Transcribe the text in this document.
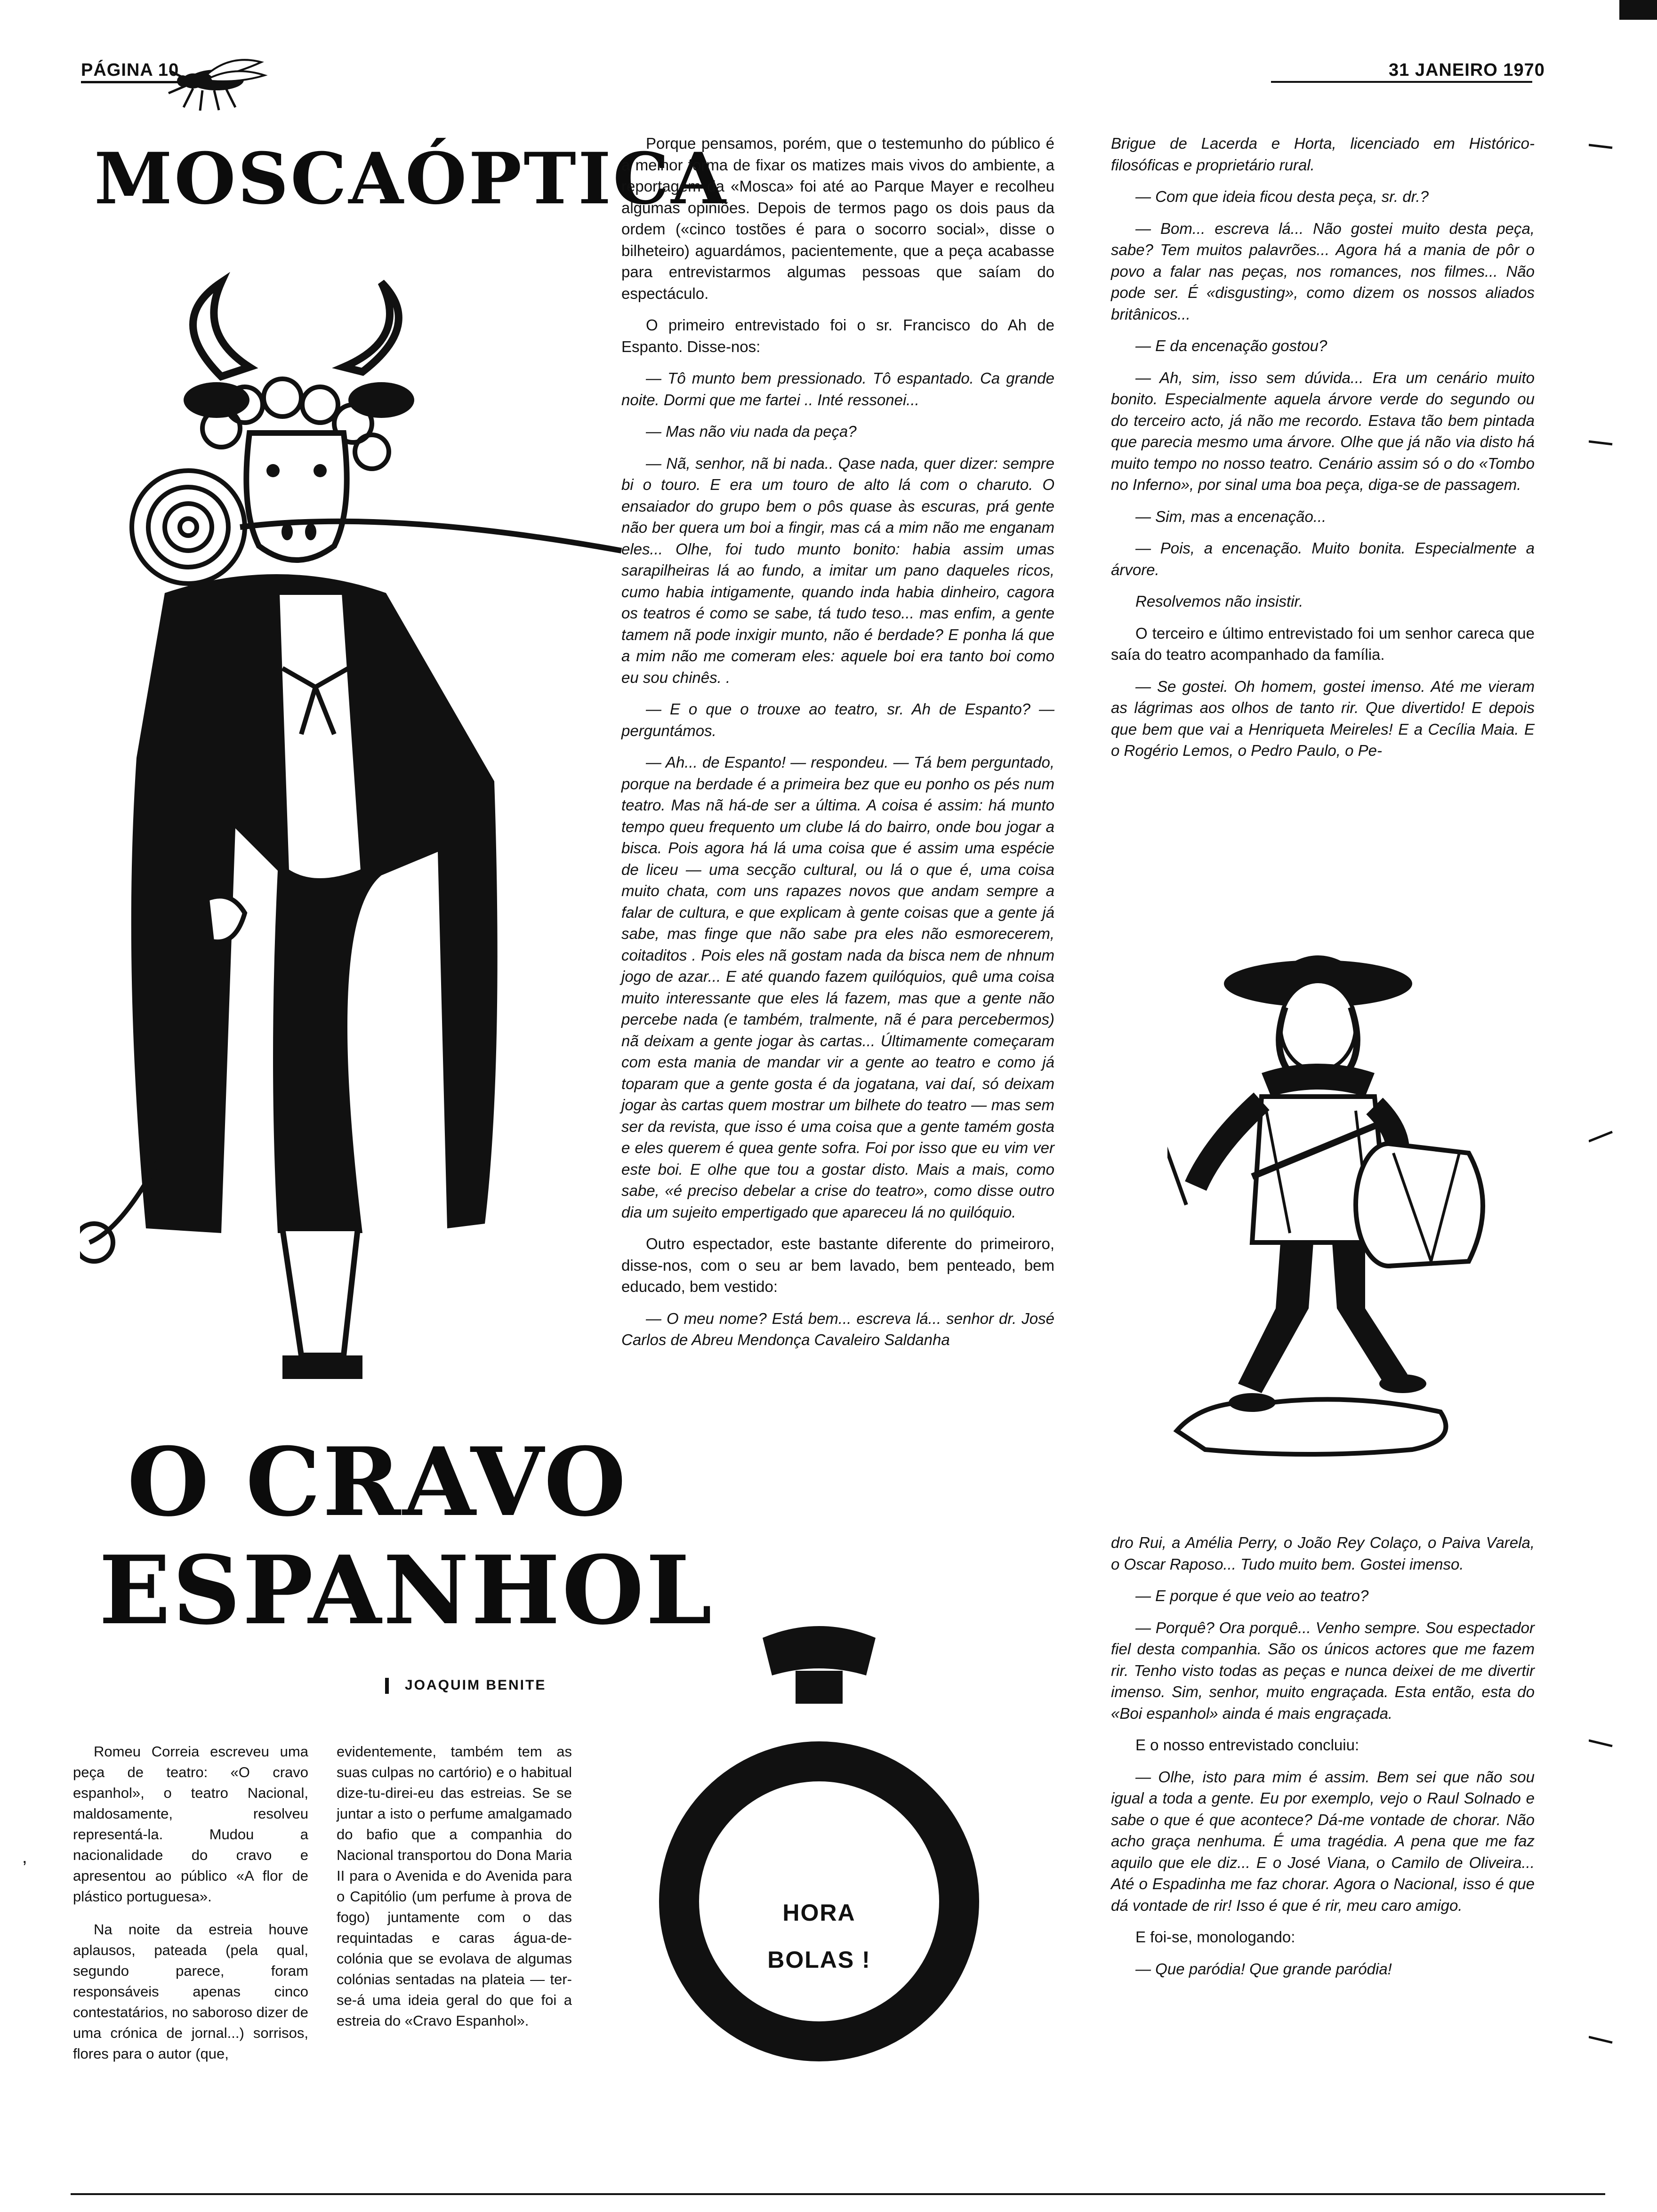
PÁGINA 10	31 JANEIRO 1970
MOSCAÓPTICA
O CRAVO
ESPANHOL
JOAQUIM BENITE

Romeu Correia escreveu uma peça de teatro: «O cravo espanhol», o teatro Nacional, maldosamente, resolveu representá-la. Mudou a nacionalidade do cravo e apresentou ao público «A flor de plástico portuguesa».

Na noite da estreia houve aplausos, pateada (pela qual, segundo parece, foram responsáveis apenas cinco contestatários, no saboroso dizer de uma crónica de jornal...) sorrisos, flores para o autor (que,

evidentemente, também tem as suas culpas no cartório) e o habitual dize-tu-direi-eu das estreias. Se se juntar a isto o perfume amalgamado do bafio que a companhia do Nacional transportou do Dona Maria II para o Avenida e do Avenida para o Capitólio (um perfume à prova de fogo) juntamente com o das requintadas e caras água-de-colónia que se evolava de algumas colónias sentadas na plateia — ter-se-á uma ideia geral do que foi a estreia do «Cravo Espanhol».

ʼ

Porque pensamos, porém, que o testemunho do público é a melhor forma de fixar os matizes mais vivos do ambiente, a reportagem da «Mosca» foi até ao Parque Mayer e recolheu algumas opiniões. Depois de termos pago os dois paus da ordem («cinco tostões é para o socorro social», disse o bilheteiro) aguardámos, pacientemente, que a peça acabasse para entrevistarmos algumas pessoas que saíam do espectáculo.

O primeiro entrevistado foi o sr. Francisco do Ah de Espanto. Disse-nos:

— Tô munto bem pressionado. Tô espantado. Ca grande noite. Dormi que me fartei .. Inté ressonei...

— Mas não viu nada da peça?

— Nã, senhor, nã bi nada.. Qase nada, quer dizer: sempre bi o touro. E era um touro de alto lá com o charuto. O ensaiador do grupo bem o pôs quase às escuras, prá gente não ber quera um boi a fingir, mas cá a mim não me enganam eles... Olhe, foi tudo munto bonito: habia assim umas sarapilheiras lá ao fundo, a imitar um pano daqueles ricos, cumo habia intigamente, quando inda habia dinheiro, cagora os teatros é como se sabe, tá tudo teso... mas enfim, a gente tamem nã pode inxigir munto, não é berdade? E ponha lá que a mim não me comeram eles: aquele boi era tanto boi como eu sou chinês. .

— E o que o trouxe ao teatro, sr. Ah de Espanto? — perguntámos.

— Ah... de Espanto! — respondeu. — Tá bem perguntado, porque na berdade é a primeira bez que eu ponho os pés num teatro. Mas nã há-de ser a última. A coisa é assim: há munto tempo queu frequento um clube lá do bairro, onde bou jogar a bisca. Pois agora há lá uma coisa que é assim uma espécie de liceu — uma secção cultural, ou lá o que é, uma coisa muito chata, com uns rapazes novos que andam sempre a falar de cultura, e que explicam à gente coisas que a gente já sabe, mas finge que não sabe pra eles não esmorecerem, coitaditos . Pois eles nã gostam nada da bisca nem de nhnum jogo de azar... E até quando fazem quilóquios, quê uma coisa muito interessante que eles lá fazem, mas que a gente não percebe nada (e também, tralmente, nã é para percebermos) nã deixam a gente jogar às cartas... Últimamente começaram com esta mania de mandar vir a gente ao teatro e como já toparam que a gente gosta é da jogatana, vai daí, só deixam jogar às cartas quem mostrar um bilhete do teatro — mas sem ser da revista, que isso é uma coisa que a gente tamém gosta e eles querem é quea gente sofra. Foi por isso que eu vim ver este boi. E olhe que tou a gostar disto. Mais a mais, como sabe, «é preciso debelar a crise do teatro», como disse outro dia um sujeito empertigado que apareceu lá no quilóquio.

Outro espectador, este bastante diferente do primeiroro, disse-nos, com o seu ar bem lavado, bem penteado, bem educado, bem vestido:

— O meu nome? Está bem... escreva lá... senhor dr. José Carlos de Abreu Mendonça Cavaleiro Saldanha

HORA
BOLAS !

Brigue de Lacerda e Horta, licenciado em Histórico-filosóficas e proprietário rural.

— Com que ideia ficou desta peça, sr. dr.?

— Bom... escreva lá... Não gostei muito desta peça, sabe? Tem muitos palavrões... Agora há a mania de pôr o povo a falar nas peças, nos romances, nos filmes... Não pode ser. É «disgusting», como dizem os nossos aliados britânicos...

— E da encenação gostou?

— Ah, sim, isso sem dúvida... Era um cenário muito bonito. Especialmente aquela árvore verde do segundo ou do terceiro acto, já não me recordo. Estava tão bem pintada que parecia mesmo uma árvore. Olhe que já não via disto há muito tempo no nosso teatro. Cenário assim só o do «Tombo no Inferno», por sinal uma boa peça, diga-se de passagem.

— Sim, mas a encenação...

— Pois, a encenação. Muito bonita. Especialmente a árvore.

Resolvemos não insistir.

O terceiro e último entrevistado foi um senhor careca que saía do teatro acompanhado da família.

— Se gostei. Oh homem, gostei imenso. Até me vieram as lágrimas aos olhos de tanto rir. Que divertido! E depois que bem que vai a Henriqueta Meireles! E a Cecília Maia. E o Rogério Lemos, o Pedro Paulo, o Pe-

dro Rui, a Amélia Perry, o João Rey Colaço, o Paiva Varela, o Oscar Raposo... Tudo muito bem. Gostei imenso.

— E porque é que veio ao teatro?

— Porquê? Ora porquê... Venho sempre. Sou espectador fiel desta companhia. São os únicos actores que me fazem rir. Tenho visto todas as peças e nunca deixei de me divertir imenso. Sim, senhor, muito engraçada. Esta então, esta do «Boi espanhol» ainda é mais engraçada.

E o nosso entrevistado concluiu:

— Olhe, isto para mim é assim. Bem sei que não sou igual a toda a gente. Eu por exemplo, vejo o Raul Solnado e sabe o que é que acontece? Dá-me vontade de chorar. Não acho graça nenhuma. É uma tragédia. A pena que me faz aquilo que ele diz... E o José Viana, o Camilo de Oliveira... Até o Espadinha me faz chorar. Agora o Nacional, isso é que dá vontade de rir! Isso é que é rir, meu caro amigo.

E foi-se, monologando:

— Que paródia! Que grande paródia!
